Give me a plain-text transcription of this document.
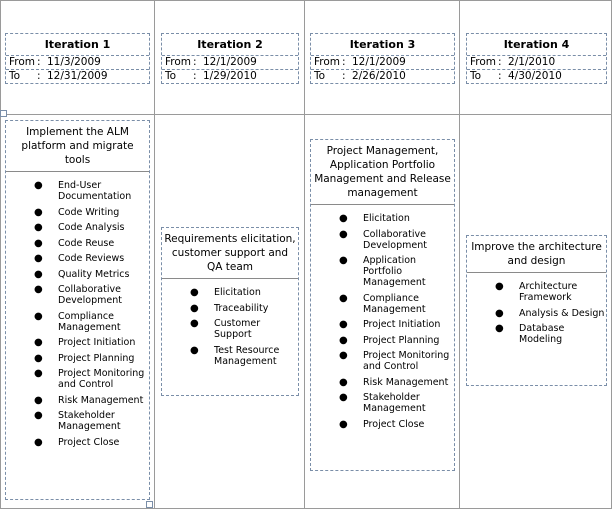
Iteration 1
From : 11/3/2009
To : 12/31/2009
Iteration 2
From : 12/1/2009
To : 1/29/2010
Iteration 3
From : 12/1/2009
To : 2/26/2010
Iteration 4
From : 2/1/2010
To : 4/30/2010
Implement the ALM platform and migrate tools
● End-User Documentation
● Code Writing
● Code Analysis
● Code Reuse
● Code Reviews
● Quality Metrics
● Collaborative Development
● Compliance Management
● Project Initiation
● Project Planning
● Project Monitoring and Control
● Risk Management
● Stakeholder Management
● Project Close
Requirements elicitation, customer support and QA team
● Elicitation
● Traceability
● Customer Support
● Test Resource Management
Project Management, Application Portfolio Management and Release management
● Elicitation
● Collaborative Development
● Application Portfolio Management
● Compliance Management
● Project Initiation
● Project Planning
● Project Monitoring and Control
● Risk Management
● Stakeholder Management
● Project Close
Improve the architecture and design
● Architecture Framework
● Analysis & Design
● Database Modeling
